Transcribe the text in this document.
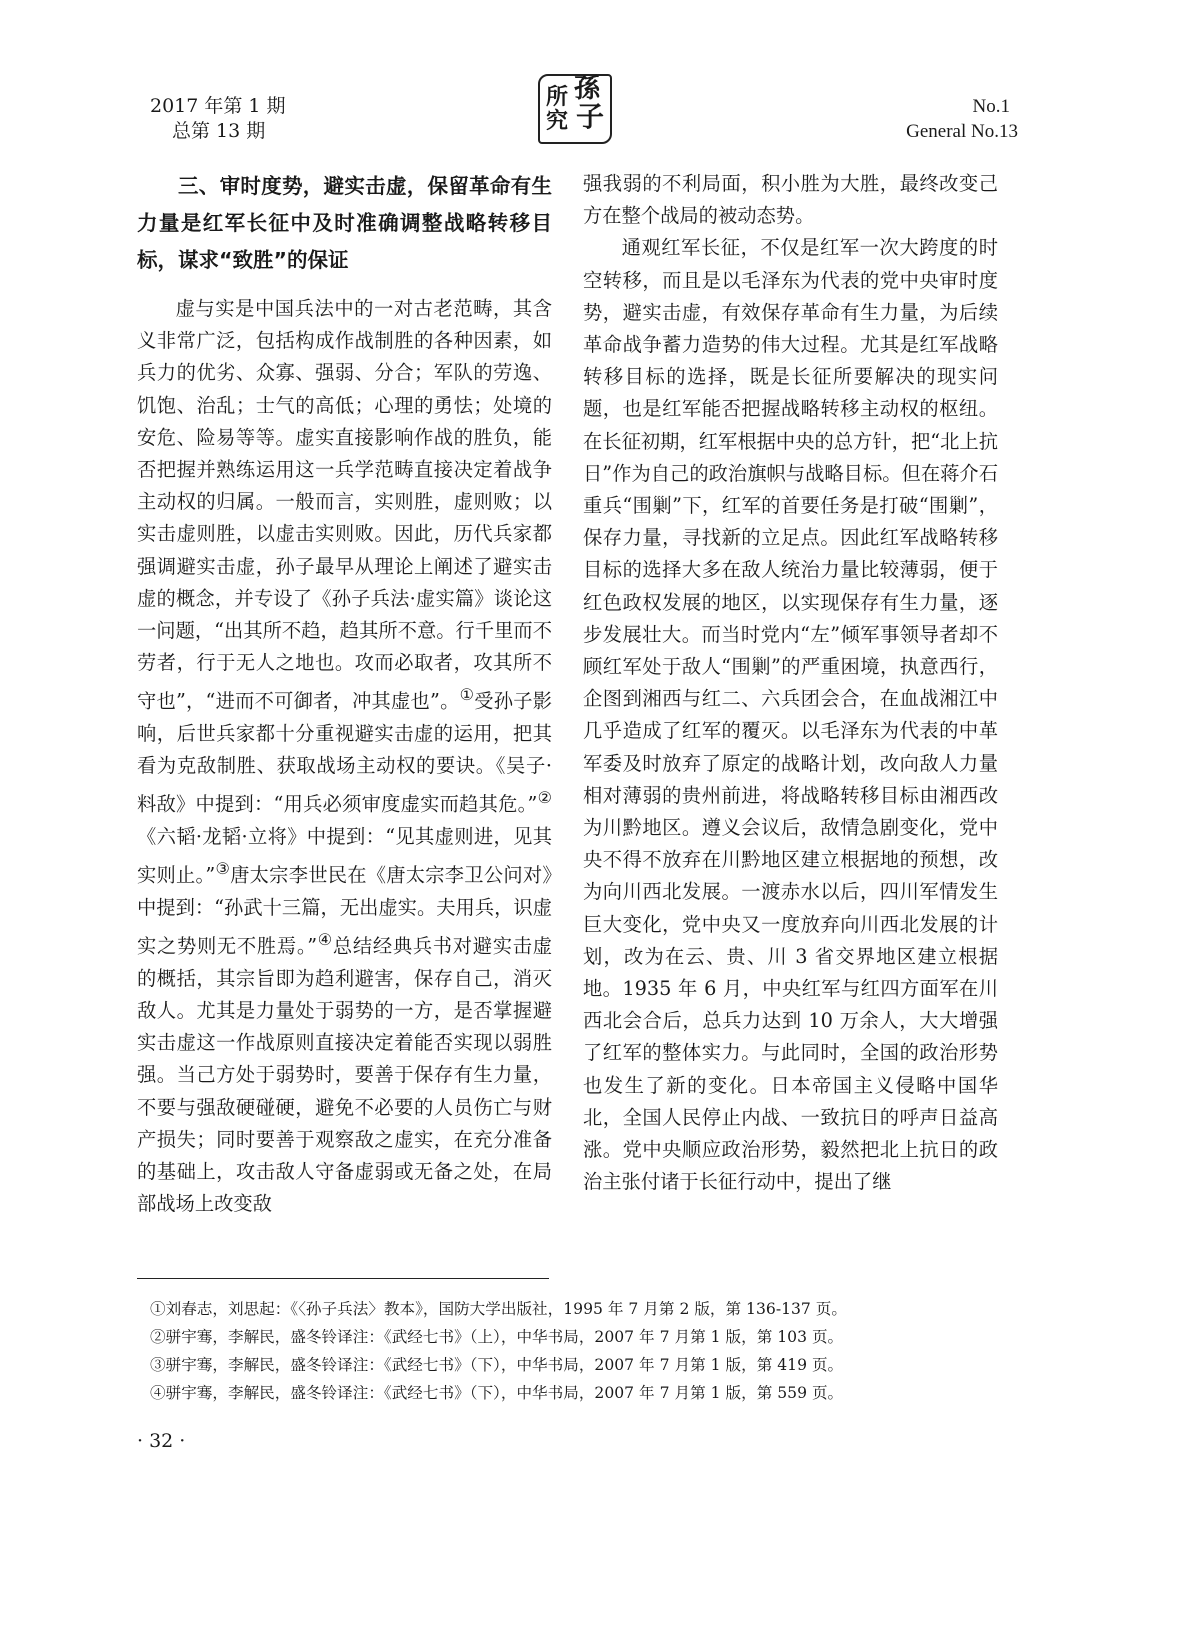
2017 年第 1 期
总第 13 期
所
究
孫
子	No.1
General No.13
三、审时度势，避实击虚，保留革命有生力量是红军长征中及时准确调整战略转移目标，谋求“致胜”的保证

虚与实是中国兵法中的一对古老范畴，其含义非常广泛，包括构成作战制胜的各种因素，如兵力的优劣、众寡、强弱、分合；军队的劳逸、饥饱、治乱；士气的高低；心理的勇怯；处境的安危、险易等等。虚实直接影响作战的胜负，能否把握并熟练运用这一兵学范畴直接决定着战争主动权的归属。一般而言，实则胜，虚则败；以实击虚则胜，以虚击实则败。因此，历代兵家都强调避实击虚，孙子最早从理论上阐述了避实击虚的概念，并专设了《孙子兵法·虚实篇》谈论这一问题，“出其所不趋，趋其所不意。行千里而不劳者，行于无人之地也。攻而必取者，攻其所不守也”，“进而不可御者，冲其虚也”。①受孙子影响，后世兵家都十分重视避实击虚的运用，把其看为克敌制胜、获取战场主动权的要诀。《吴子·料敌》中提到：“用兵必须审度虚实而趋其危。”②《六韬·龙韬·立将》中提到：“见其虚则进，见其实则止。”③唐太宗李世民在《唐太宗李卫公问对》中提到：“孙武十三篇，无出虚实。夫用兵，识虚实之势则无不胜焉。”④总结经典兵书对避实击虚的概括，其宗旨即为趋利避害，保存自己，消灭敌人。尤其是力量处于弱势的一方，是否掌握避实击虚这一作战原则直接决定着能否实现以弱胜强。当己方处于弱势时，要善于保存有生力量，不要与强敌硬碰硬，避免不必要的人员伤亡与财产损失；同时要善于观察敌之虚实，在充分准备的基础上，攻击敌人守备虚弱或无备之处，在局部战场上改变敌

强我弱的不利局面，积小胜为大胜，最终改变己方在整个战局的被动态势。

通观红军长征，不仅是红军一次大跨度的时空转移，而且是以毛泽东为代表的党中央审时度势，避实击虚，有效保存革命有生力量，为后续革命战争蓄力造势的伟大过程。尤其是红军战略转移目标的选择，既是长征所要解决的现实问题，也是红军能否把握战略转移主动权的枢纽。在长征初期，红军根据中央的总方针，把“北上抗日”作为自己的政治旗帜与战略目标。但在蒋介石重兵“围剿”下，红军的首要任务是打破“围剿”，保存力量，寻找新的立足点。因此红军战略转移目标的选择大多在敌人统治力量比较薄弱，便于红色政权发展的地区，以实现保存有生力量，逐步发展壮大。而当时党内“左”倾军事领导者却不顾红军处于敌人“围剿”的严重困境，执意西行，企图到湘西与红二、六兵团会合，在血战湘江中几乎造成了红军的覆灭。以毛泽东为代表的中革军委及时放弃了原定的战略计划，改向敌人力量相对薄弱的贵州前进，将战略转移目标由湘西改为川黔地区。遵义会议后，敌情急剧变化，党中央不得不放弃在川黔地区建立根据地的预想，改为向川西北发展。一渡赤水以后，四川军情发生巨大变化，党中央又一度放弃向川西北发展的计划，改为在云、贵、川 3 省交界地区建立根据地。1935 年 6 月，中央红军与红四方面军在川西北会合后，总兵力达到 10 万余人，大大增强了红军的整体实力。与此同时，全国的政治形势也发生了新的变化。日本帝国主义侵略中国华北，全国人民停止内战、一致抗日的呼声日益高涨。党中央顺应政治形势，毅然把北上抗日的政治主张付诸于长征行动中，提出了继

①刘春志，刘思起：《〈孙子兵法〉教本》，国防大学出版社，1995 年 7 月第 2 版，第 136-137 页。
②骈宇骞，李解民，盛冬铃译注：《武经七书》（上），中华书局，2007 年 7 月第 1 版，第 103 页。
③骈宇骞，李解民，盛冬铃译注：《武经七书》（下），中华书局，2007 年 7 月第 1 版，第 419 页。
④骈宇骞，李解民，盛冬铃译注：《武经七书》（下），中华书局，2007 年 7 月第 1 版，第 559 页。
· 32 ·
